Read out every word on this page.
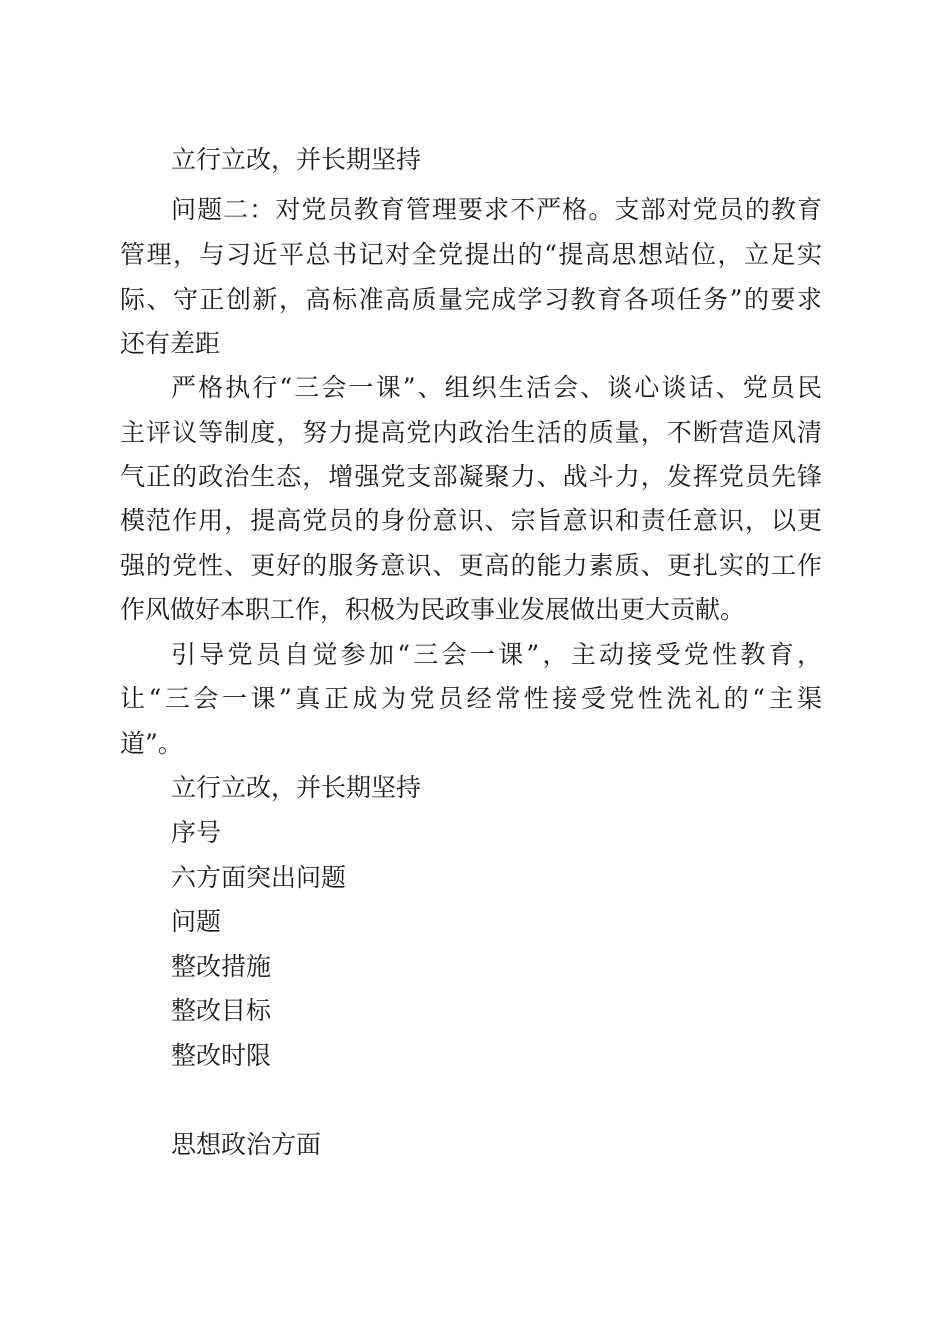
立行立改，并长期坚持
问题二：对党员教育管理要求不严格。支部对党员的教育
管理，与习近平总书记对全党提出的“提高思想站位，立足实
际、守正创新，高标准高质量完成学习教育各项任务”的要求
还有差距
严格执行“三会一课”、组织生活会、谈心谈话、党员民
主评议等制度，努力提高党内政治生活的质量，不断营造风清
气正的政治生态，增强党支部凝聚力、战斗力，发挥党员先锋
模范作用，提高党员的身份意识、宗旨意识和责任意识，以更
强的党性、更好的服务意识、更高的能力素质、更扎实的工作
作风做好本职工作，积极为民政事业发展做出更大贡献。
引导党员自觉参加“三会一课”，主动接受党性教育，
让“三会一课”真正成为党员经常性接受党性洗礼的“主渠
道”。
立行立改，并长期坚持
序号
六方面突出问题
问题
整改措施
整改目标
整改时限
思想政治方面
